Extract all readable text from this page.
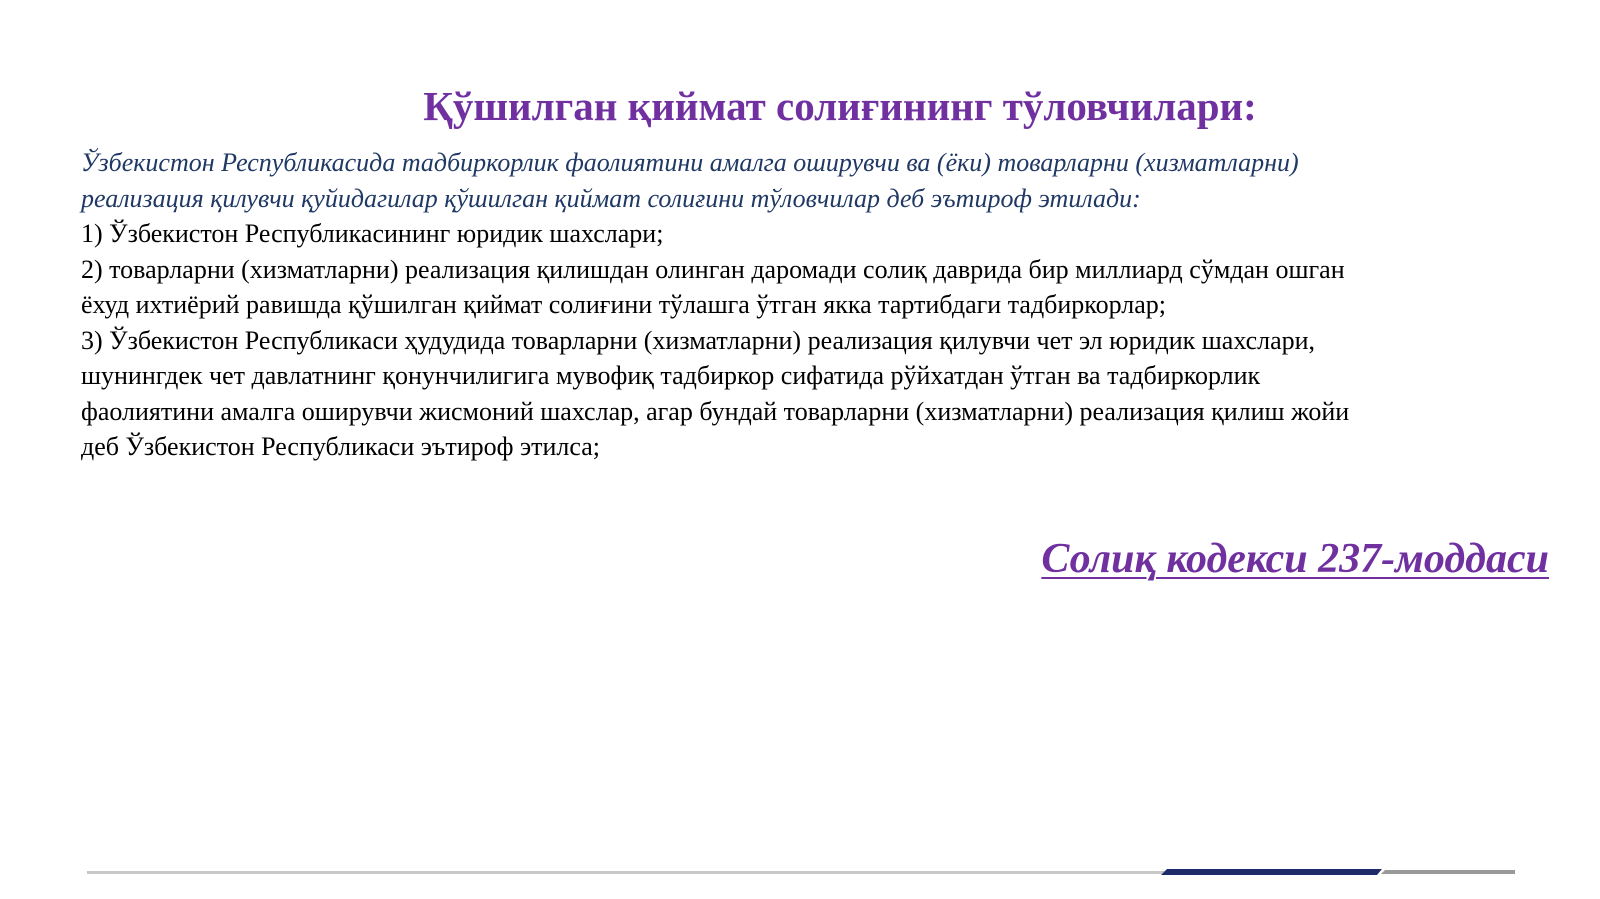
Қўшилган қиймат солиғининг тўловчилари:

Ўзбекистон Республикасида тадбиркорлик фаолиятини амалга оширувчи ва (ёки) товарларни (хизматларни)

реализация қилувчи қуйидагилар қўшилган қиймат солиғини тўловчилар деб эътироф этилади:

1) Ўзбекистон Республикасининг юридик шахслари;

2) товарларни (хизматларни) реализация қилишдан олинган даромади солиқ даврида бир миллиард сўмдан ошган

ёхуд ихтиёрий равишда қўшилган қиймат солиғини тўлашга ўтган якка тартибдаги тадбиркорлар;

3) Ўзбекистон Республикаси ҳудудида товарларни (хизматларни) реализация қилувчи чет эл юридик шахслари,

шунингдек чет давлатнинг қонунчилигига мувофиқ тадбиркор сифатида рўйхатдан ўтган ва тадбиркорлик

фаолиятини амалга оширувчи жисмоний шахслар, агар бундай товарларни (хизматларни) реализация қилиш жойи

деб Ўзбекистон Республикаси эътироф этилса;

Солиқ кодекси 237-моддаси
